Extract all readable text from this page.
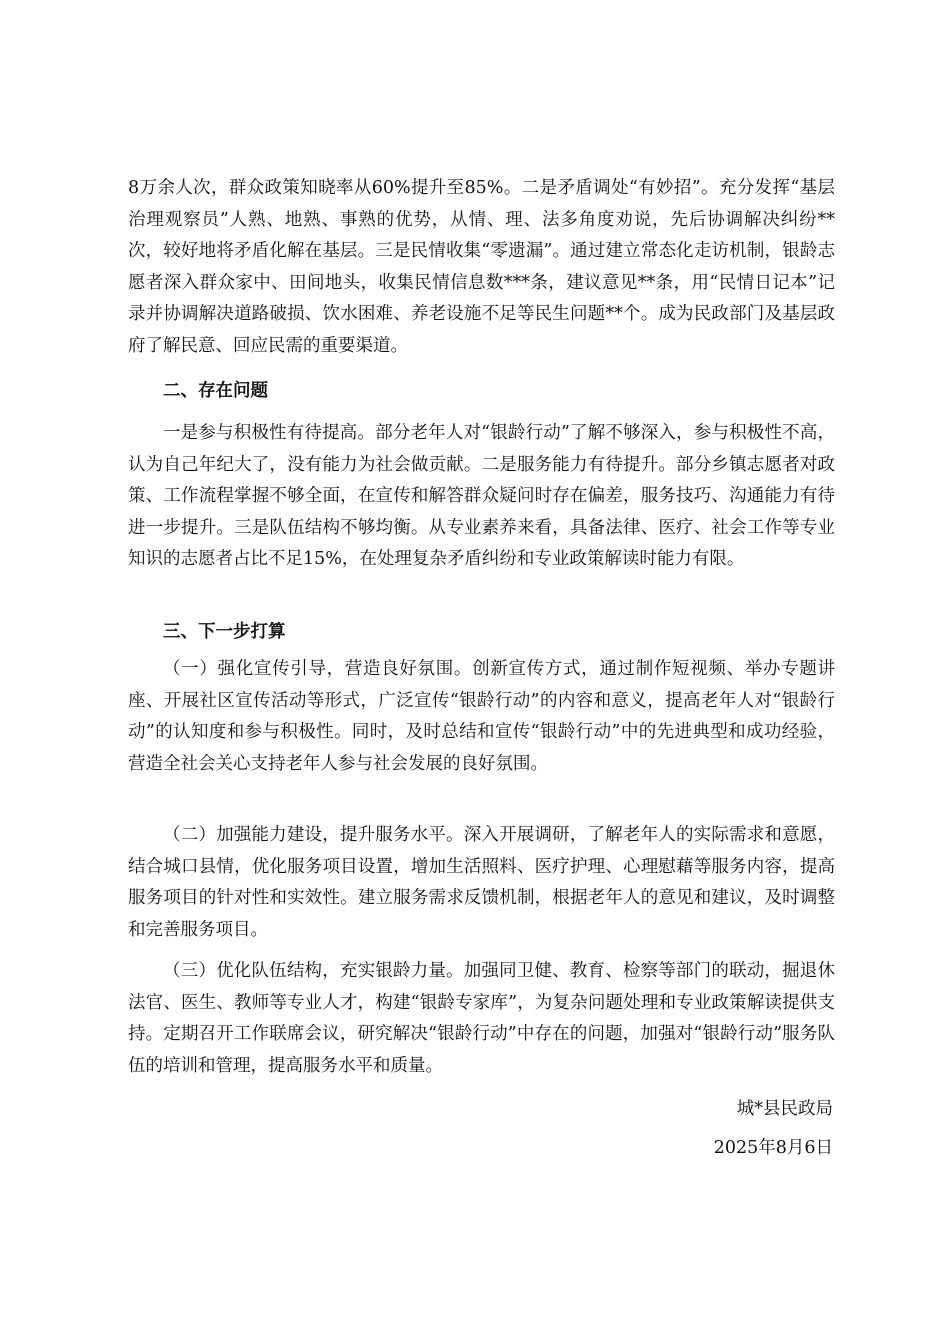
8万余人次，群众政策知晓率从60%提升至85%。二是矛盾调处“有妙招”。充分发挥“基层治理观察员”人熟、地熟、事熟的优势，从情、理、法多角度劝说，先后协调解决纠纷**次，较好地将矛盾化解在基层。三是民情收集“零遗漏”。通过建立常态化走访机制，银龄志愿者深入群众家中、田间地头，收集民情信息数***条，建议意见**条，用“民情日记本”记录并协调解决道路破损、饮水困难、养老设施不足等民生问题**个。成为民政部门及基层政府了解民意、回应民需的重要渠道。

二、存在问题

一是参与积极性有待提高。部分老年人对“银龄行动”了解不够深入，参与积极性不高，认为自己年纪大了，没有能力为社会做贡献。二是服务能力有待提升。部分乡镇志愿者对政策、工作流程掌握不够全面，在宣传和解答群众疑问时存在偏差，服务技巧、沟通能力有待进一步提升。三是队伍结构不够均衡。从专业素养来看，具备法律、医疗、社会工作等专业知识的志愿者占比不足15%，在处理复杂矛盾纠纷和专业政策解读时能力有限。

三、下一步打算

（一）强化宣传引导，营造良好氛围。创新宣传方式，通过制作短视频、举办专题讲座、开展社区宣传活动等形式，广泛宣传“银龄行动”的内容和意义，提高老年人对“银龄行动”的认知度和参与积极性。同时，及时总结和宣传“银龄行动”中的先进典型和成功经验，营造全社会关心支持老年人参与社会发展的良好氛围。

（二）加强能力建设，提升服务水平。深入开展调研，了解老年人的实际需求和意愿，结合城口县情，优化服务项目设置，增加生活照料、医疗护理、心理慰藉等服务内容，提高服务项目的针对性和实效性。建立服务需求反馈机制，根据老年人的意见和建议，及时调整和完善服务项目。

（三）优化队伍结构，充实银龄力量。加强同卫健、教育、检察等部门的联动，掘退休法官、医生、教师等专业人才，构建“银龄专家库”，为复杂问题处理和专业政策解读提供支持。定期召开工作联席会议，研究解决“银龄行动”中存在的问题，加强对“银龄行动”服务队伍的培训和管理，提高服务水平和质量。

城*县民政局

2025年8月6日
